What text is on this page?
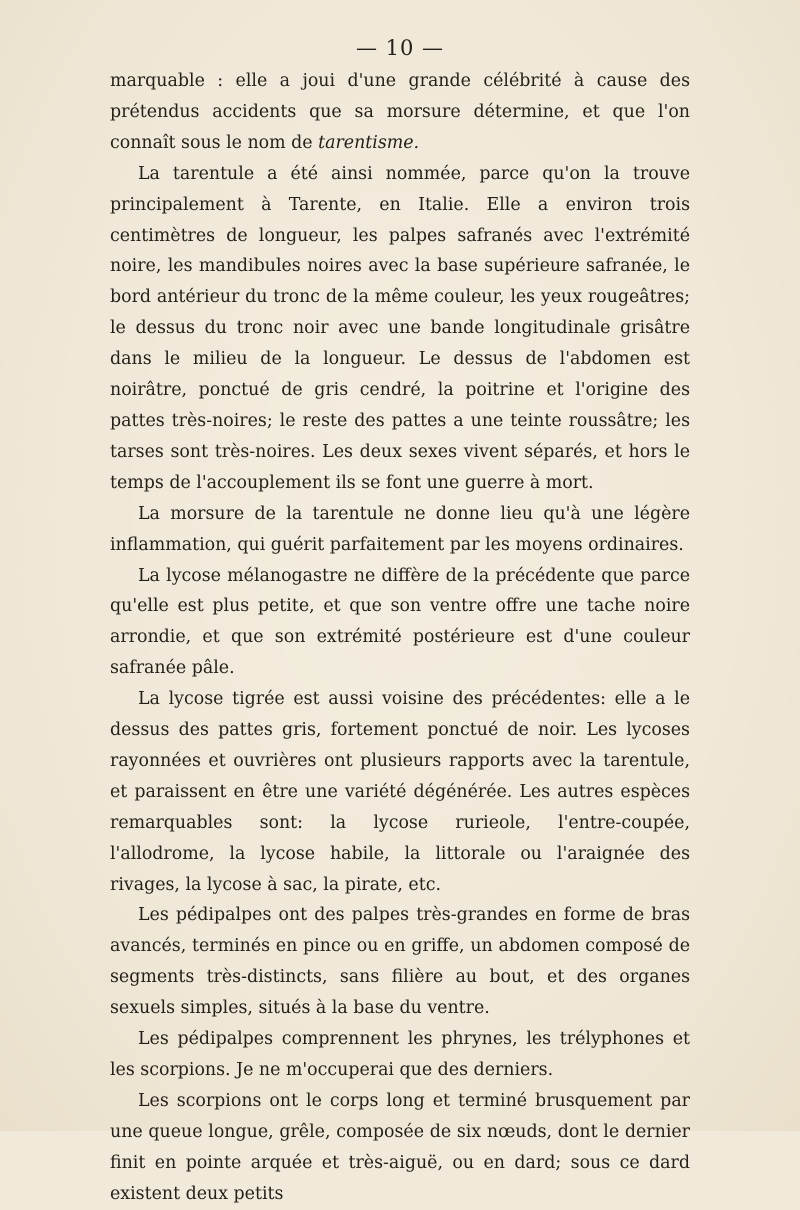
— 10 —

marquable : elle a joui d'une grande célébrité à cause des prétendus accidents que sa morsure détermine, et que l'on connaît sous le nom de tarentisme.

La tarentule a été ainsi nommée, parce qu'on la trouve principalement à Tarente, en Italie. Elle a environ trois centimètres de longueur, les palpes safranés avec l'extrémité noire, les mandibules noires avec la base supérieure safranée, le bord antérieur du tronc de la même couleur, les yeux rougeâtres; le dessus du tronc noir avec une bande longitudinale grisâtre dans le milieu de la longueur. Le dessus de l'abdomen est noirâtre, ponctué de gris cendré, la poitrine et l'origine des pattes très-noires; le reste des pattes a une teinte roussâtre; les tarses sont très-noires. Les deux sexes vivent séparés, et hors le temps de l'accouplement ils se font une guerre à mort.

La morsure de la tarentule ne donne lieu qu'à une légère inflammation, qui guérit parfaitement par les moyens ordinaires.

La lycose mélanogastre ne diffère de la précédente que parce qu'elle est plus petite, et que son ventre offre une tache noire arrondie, et que son extrémité postérieure est d'une couleur safranée pâle.

La lycose tigrée est aussi voisine des précédentes: elle a le dessus des pattes gris, fortement ponctué de noir. Les lycoses rayonnées et ouvrières ont plusieurs rapports avec la tarentule, et paraissent en être une variété dégénérée. Les autres espèces remarquables sont: la lycose rurieole, l'entre-coupée, l'allodrome, la lycose habile, la littorale ou l'araignée des rivages, la lycose à sac, la pirate, etc.

Les pédipalpes ont des palpes très-grandes en forme de bras avancés, terminés en pince ou en griffe, un abdomen composé de segments très-distincts, sans filière au bout, et des organes sexuels simples, situés à la base du ventre.

Les pédipalpes comprennent les phrynes, les trélyphones et les scorpions. Je ne m'occuperai que des derniers.

Les scorpions ont le corps long et terminé brusquement par une queue longue, grêle, composée de six nœuds, dont le dernier finit en pointe arquée et très-aiguë, ou en dard; sous ce dard existent deux petits
